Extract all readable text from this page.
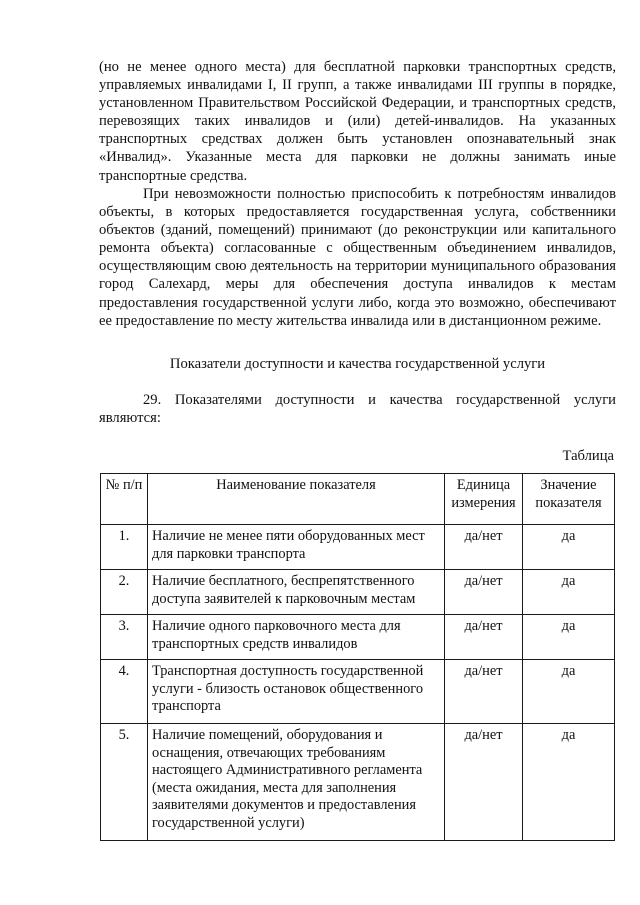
(но не менее одного места) для бесплатной парковки транспортных средств, управляемых инвалидами I, II групп, а также инвалидами III группы в порядке, установленном Правительством Российской Федерации, и транспортных средств, перевозящих таких инвалидов и (или) детей-инвалидов. На указанных транспортных средствах должен быть установлен опознавательный знак «Инвалид». Указанные места для парковки не должны занимать иные транспортные средства.

При невозможности полностью приспособить к потребностям инвалидов объекты, в которых предоставляется государственная услуга, собственники объектов (зданий, помещений) принимают (до реконструкции или капитального ремонта объекта) согласованные с общественным объединением инвалидов, осуществляющим свою деятельность на территории муниципального образования город Салехард, меры для обеспечения доступа инвалидов к местам предоставления государственной услуги либо, когда это возможно, обеспечивают ее предоставление по месту жительства инвалида или в дистанционном режиме.

Показатели доступности и качества государственной услуги

29. Показателями доступности и качества государственной услуги являются:

Таблица
№ п/п	Наименование показателя	Единица измерения	Значение показателя
1.	Наличие не менее пяти оборудованных мест для парковки транспорта	да/нет	да
2.	Наличие бесплатного, беспрепятственного доступа заявителей к парковочным местам	да/нет	да
3.	Наличие одного парковочного места для транспортных средств инвалидов	да/нет	да
4.	Транспортная доступность государственной услуги - близость остановок общественного транспорта	да/нет	да
5.	Наличие помещений, оборудования и оснащения, отвечающих требованиям настоящего Административного регламента (места ожидания, места для заполнения заявителями документов и предоставления государственной услуги)	да/нет	да
